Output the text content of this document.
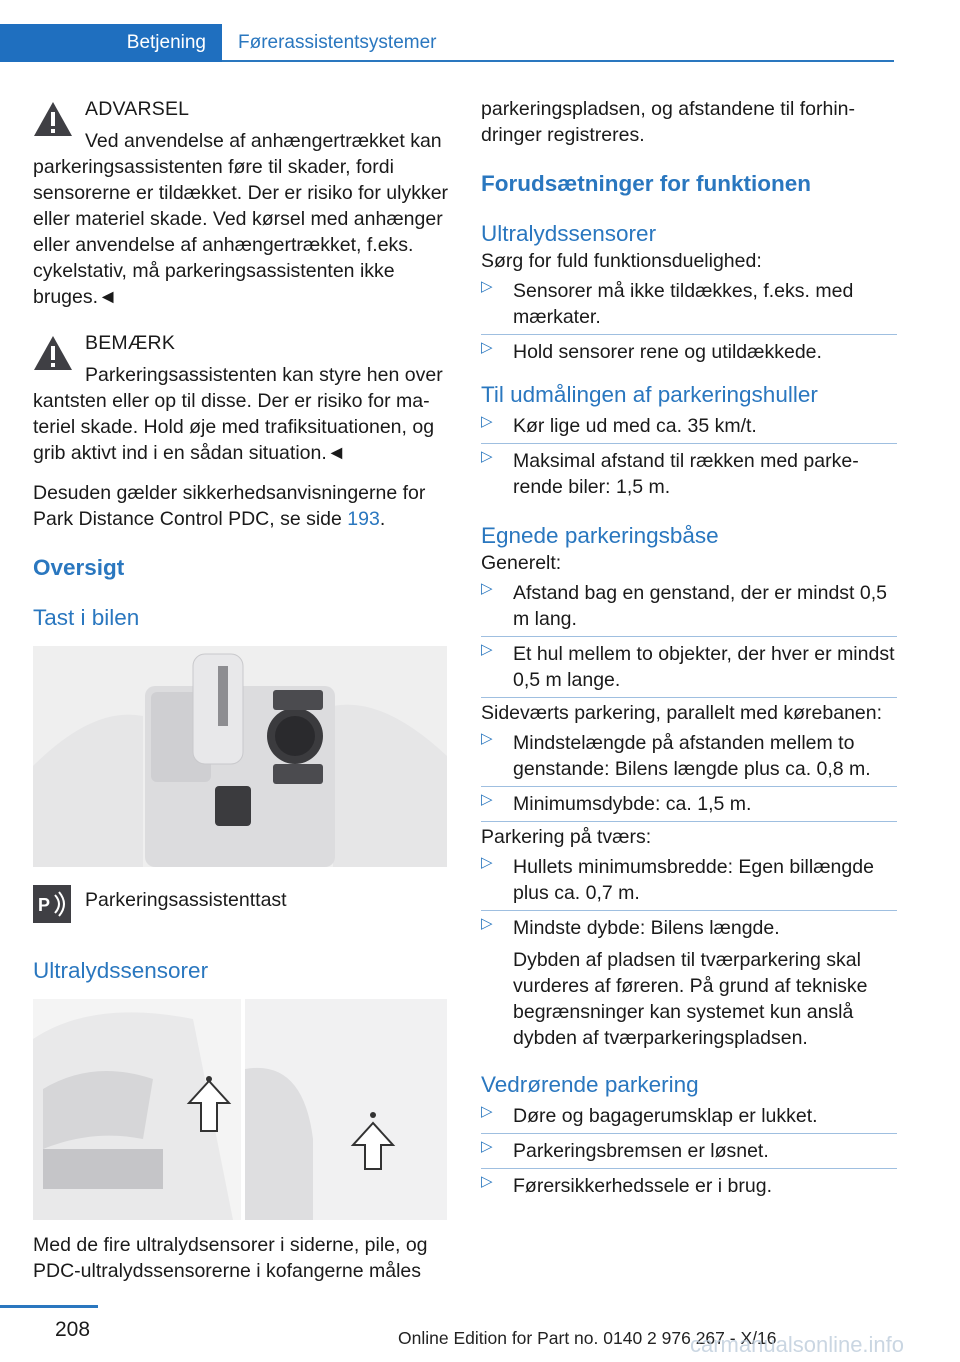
Betjening	Førerassistentsystemer

ADVARSEL

Ved anvendelse af anhængertrækket kan parkeringsassistenten føre til skader, fordi sensorerne er tildækket. Der er risiko for ulykker eller materiel skade. Ved kørsel med anhænger eller anvendelse af anhængertrækket, f.eks. cykelstativ, må parkeringsassistenten ikke bruges.◄

BEMÆRK

Parkeringsassistenten kan styre hen over kantsten eller op til disse. Der er risiko for materiel skade. Hold øje med trafiksituationen, og grib aktivt ind i en sådan situation.◄

Desuden gælder sikkerhedsanvisningerne for Park Distance Control PDC, se side 193.

Oversigt
Tast i bilen
P Parkeringsassistenttast
Ultralydssensorer

Med de fire ultralydsensorer i siderne, pile, og PDC-ultralydssensorerne i kofangerne måles

parkeringspladsen, og afstandene til forhindringer registreres.

Forudsætninger for funktionen
Ultralydssensorer

Sørg for fuld funktionsduelighed:

▷ Sensorer må ikke tildækkes, f.eks. med mærkater.
▷ Hold sensorer rene og utildækkede.
Til udmålingen af parkeringshuller
▷ Kør lige ud med ca. 35 km/t.
▷ Maksimal afstand til rækken med parkerende biler: 1,5 m.
Egnede parkeringsbåse

Generelt:

▷ Afstand bag en genstand, der er mindst 0,5 m lang.
▷ Et hul mellem to objekter, der hver er mindst 0,5 m lange.

Sideværts parkering, parallelt med kørebanen:

▷ Mindstelængde på afstanden mellem to genstande: Bilens længde plus ca. 0,8 m.
▷ Minimumsdybde: ca. 1,5 m.

Parkering på tværs:

▷ Hullets minimumsbredde: Egen billængde plus ca. 0,7 m.
▷ Mindste dybde: Bilens længde.

Dybden af pladsen til tværparkering skal vurderes af føreren. På grund af tekniske begrænsninger kan systemet kun anslå dybden af tværparkeringspladsen.

Vedrørende parkering
▷ Døre og bagagerumsklap er lukket.
▷ Parkeringsbremsen er løsnet.
▷ Førersikkerhedssele er i brug.
208	Online Edition for Part no. 0140 2 976 267 - X/16
carmanualsonline.info
